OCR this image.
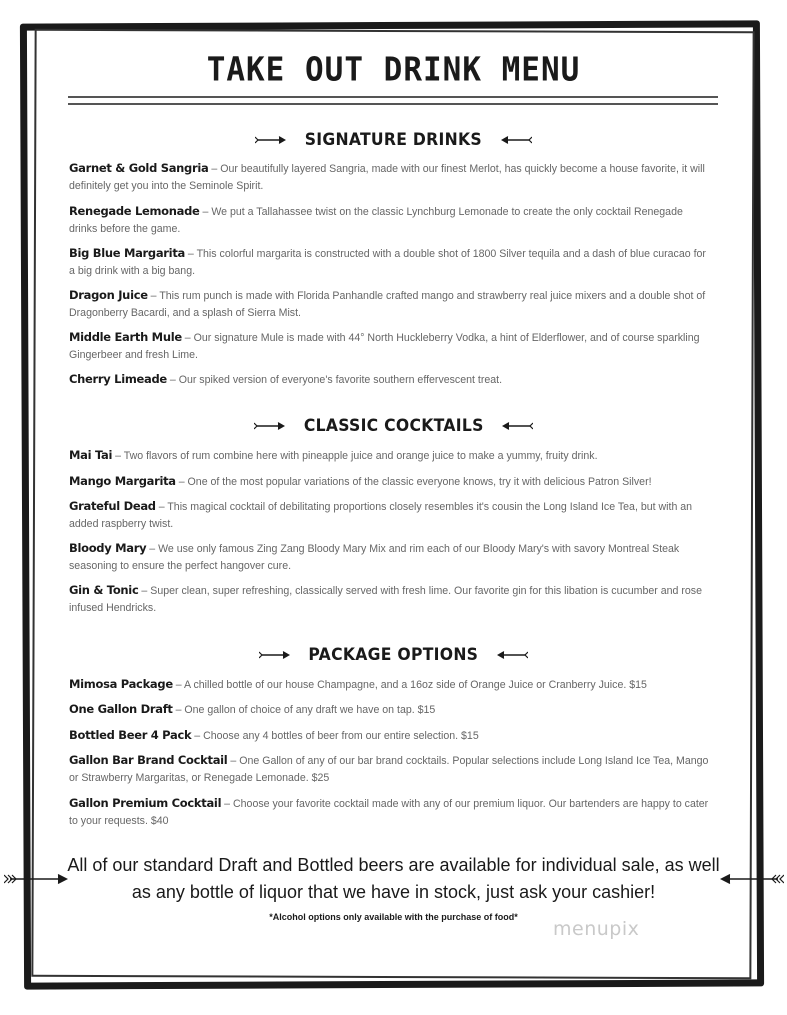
TAKE OUT DRINK MENU
SIGNATURE DRINKS

Garnet & Gold Sangria – Our beautifully layered Sangria, made with our finest Merlot, has quickly become a house favorite, it will definitely get you into the Seminole Spirit.

Renegade Lemonade – We put a Tallahassee twist on the classic Lynchburg Lemonade to create the only cocktail Renegade drinks before the game.

Big Blue Margarita – This colorful margarita is constructed with a double shot of 1800 Silver tequila and a dash of blue curacao for a big drink with a big bang.

Dragon Juice – This rum punch is made with Florida Panhandle crafted mango and strawberry real juice mixers and a double shot of Dragonberry Bacardi, and a splash of Sierra Mist.

Middle Earth Mule – Our signature Mule is made with 44° North Huckleberry Vodka, a hint of Elderflower, and of course sparkling Gingerbeer and fresh Lime.

Cherry Limeade – Our spiked version of everyone's favorite southern effervescent treat.

CLASSIC COCKTAILS

Mai Tai – Two flavors of rum combine here with pineapple juice and orange juice to make a yummy, fruity drink.

Mango Margarita – One of the most popular variations of the classic everyone knows, try it with delicious Patron Silver!

Grateful Dead – This magical cocktail of debilitating proportions closely resembles it's cousin the Long Island Ice Tea, but with an added raspberry twist.

Bloody Mary – We use only famous Zing Zang Bloody Mary Mix and rim each of our Bloody Mary's with savory Montreal Steak seasoning to ensure the perfect hangover cure.

Gin & Tonic – Super clean, super refreshing, classically served with fresh lime. Our favorite gin for this libation is cucumber and rose infused Hendricks.

PACKAGE OPTIONS

Mimosa Package – A chilled bottle of our house Champagne, and a 16oz side of Orange Juice or Cranberry Juice. $15

One Gallon Draft – One gallon of choice of any draft we have on tap. $15

Bottled Beer 4 Pack – Choose any 4 bottles of beer from our entire selection. $15

Gallon Bar Brand Cocktail – One Gallon of any of our bar brand cocktails. Popular selections include Long Island Ice Tea, Mango or Strawberry Margaritas, or Renegade Lemonade. $25

Gallon Premium Cocktail – Choose your favorite cocktail made with any of our premium liquor. Our bartenders are happy to cater to your requests. $40

All of our standard Draft and Bottled beers are available for individual sale, as well
as any bottle of liquor that we have in stock, just ask your cashier!
*Alcohol options only available with the purchase of food*
menupix
